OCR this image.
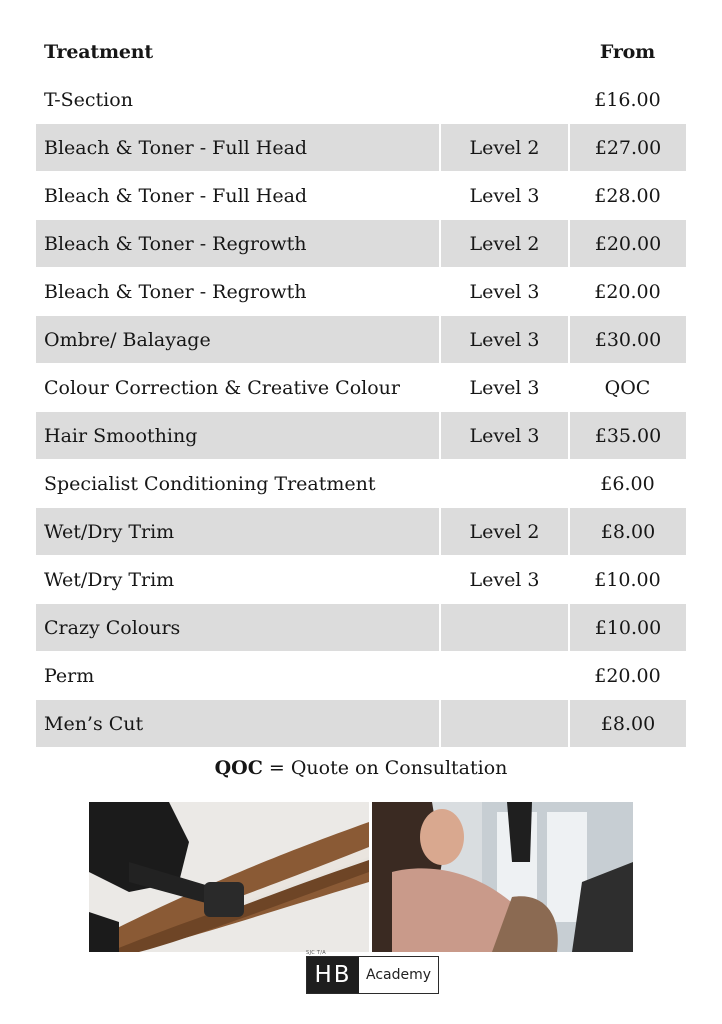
Treatment		From
T-Section		£16.00
Bleach & Toner - Full Head	Level 2	£27.00
Bleach & Toner - Full Head	Level 3	£28.00
Bleach & Toner - Regrowth	Level 2	£20.00
Bleach & Toner - Regrowth	Level 3	£20.00
Ombre/ Balayage	Level 3	£30.00
Colour Correction & Creative Colour	Level 3	QOC
Hair Smoothing	Level 3	£35.00
Specialist Conditioning Treatment		£6.00
Wet/Dry Trim	Level 2	£8.00
Wet/Dry Trim	Level 3	£10.00
Crazy Colours		£10.00
Perm		£20.00
Men’s Cut		£8.00
QOC = Quote on Consultation
SJC T/A
HB	Academy
